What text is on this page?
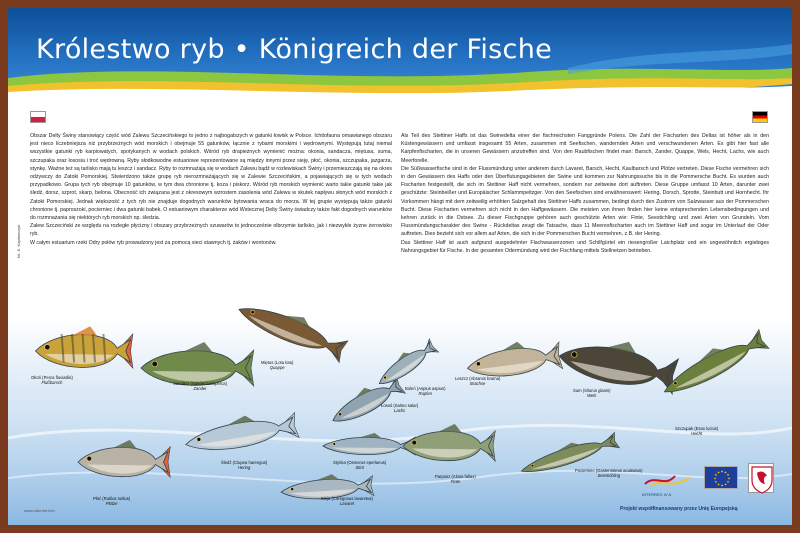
Królestwo ryb • Königreich der Fische

Obszar Delty Świny stanowiący część wód Zalewu Szczecińskiego to jedno z najbogatszych w gatunki łowisk w Polsce. Ichtiofauna omawianego obszaru jest nieco liczebniejsza niż przybrzeżnych wód morskich i obejmuje 55 gatunków, łącznie z rybami morskimi i wędrownymi. Występują tutaj niemal wszystkie gatunki ryb karpiowatych, spotykanych w wodach polskich. Wśród ryb drapieżnych wymienić można: okonia, sandacza, miętusa, suma, szczupaka oraz łososia i troć wędrowną. Ryby słodkowodne estuariowe reprezentowane są między innymi przez sieję, płoć, okonia, szczupaka, jazgarza, stynkę. Ważne też są tarlisko mają tu leszcz i sandacz. Ryby to rozmnażają się w wodach Zalewu bądź w rozlewiskach Świny i przemieszczają się na okres odżywczy do Zatoki Pomorskiej. Stwierdzono także grupę ryb nierozmnażających się w Zalewie Szczecińskim, a pojawiających się w tych wodach przypadkowo. Grupa tych ryb obejmuje 10 gatunków, w tym dwa chronione tj. koza i piskorz. Wśród ryb morskich wymienić warto takie gatunki takie jak śledź, dorsz, szprot, skarp, belona. Obecność ich związana jest z okresowym wzrostem zasolenia wód Zalewu w skutek napływu słonych wód morskich z Zatoki Pomorskiej. Jednak większość z tych ryb nie znajduje dogodnych warunków bytowania wraca do morza. W tej grupie występują także gatunki chronione tj. paproszoki, pocierniec i dwa gatunki babek. O estuariowym charakterze wód Wstecznej Delty Świny świadczy także fakt dogodnych warunków do rozmnażania się niektórych ryb morskich np. śledzia.

Zalew Szczeciński ze względu na rozległe płycizny i obszary przybrzeżnych szuwarów to jednocześnie olbrzymie tarlisko, jak i niezwykle żyzne żerowisko ryb.

W całym estuarium rzeki Odry połów ryb prowadzony jest za pomocą sieci stawnych tj. żaków i wontonów.

Als Teil des Stettiner Haffs ist das Swinedelta einer der fischreichsten Fanggründe Polens. Die Zahl der Fischarten des Deltas ist höher als in den Küstengewässern und umfasst insgesamt 55 Arten, zusammen mit Seefischen, wandernden Arten und verschwundenen Arten. Es gibt hier fast alle Karpfenfischarten, die in unseren Gewässern anzutreffen sind. Von den Raubfischen findet man: Barsch, Zander, Quappe, Wels, Hecht, Lachs, wie auch Meerforelle.

Die Süßwasserfische sind in der Flussmündung unter anderem durch Lavaret, Barsch, Hecht, Kaulbarsch und Plötze vertreten. Diese Fische vermehren sich in den Gewässern des Haffs oder den Überflutungsgebieten der Swine und kommen zur Nahrungssuche bis in die Pommersche Bucht. Es wurden auch Fischarten festgestellt, die sich im Stettiner Haff nicht vermehren, sondern nur zeitweise dort auftreten. Diese Gruppe umfasst 10 Arten, darunter zwei geschützte: Steinbeißer und Europäischer Schlammpeitzger. Von den Seefischen sind erwähnenswert: Hering, Dorsch, Sprotte, Steinbutt und Hornhecht. Ihr Vorkommen hängt mit dem zeitweilig erhöhten Salzgehalt des Stettiner Haffs zusammen, bedingt durch den Zustrom von Salzwasser aus der Pommerschen Bucht. Diese Fischarten vermehren sich nicht in den Haffgewässern. Die meisten von ihnen finden hier keine entsprechenden Lebensbedingungen und kehren zurück in die Ostsee. Zu dieser Fischgruppe gehören auch geschützte Arten wie: Finte, Seestichling und zwei Arten von Grundeln. Vom Flussmündungscharakter des Swine - Rückdeltas zeugt die Tatsache, dass 11 Meeresfischarten auch im Stettiner Haff und sogar im Unterlauf der Oder auftreten. Dies bezieht sich vor allem auf Arten, die sich in der Pommerschen Bucht vermehren, z.B. der Hering.

Das Stettiner Haff ist auch aufgrund ausgedehnter Flachwasserzonen und Schilfgürtel ein riesengroßer Laichplatz und ein ungewöhnlich ergiebiges Nahrungsgebiet für Fische. In der gesamten Odermündung wird der Fischfang mittels Stellnetzen betrieben.

fot. K. Kapitanczyk
Okoń (Perca fluviatilis)
Flußbarsch	Sandacz (Sander lucioperca)
Zander
Miętus (Lota lota)
Quappe
Łosoś (Salmo salar)
Lachs
Boleń (Aspius aspius)
Rapfen
Leszcz (Abramis brama)
Brachse
Sum (Silurus glanis)
Wels
Szczupak (Esox lucius)
Hecht
Płoć (Rutilus rutilus)
Plötze
Śledź (Clupea harengus)
Hering
Sieja (Coregonus lavaretus)
Lavaret
Stynka (Osmerus eperlanus)
Stint
Parposz (Alosa fallax)
Finte
Pocierniec (Gasterosteus aculeatus)
Seestichling
INTERREG IV A
★
★
★
★
★
★
★
★
★ ★ ★
★
Projekt współfinansowany przez Unię Europejską
www.odernet.info
